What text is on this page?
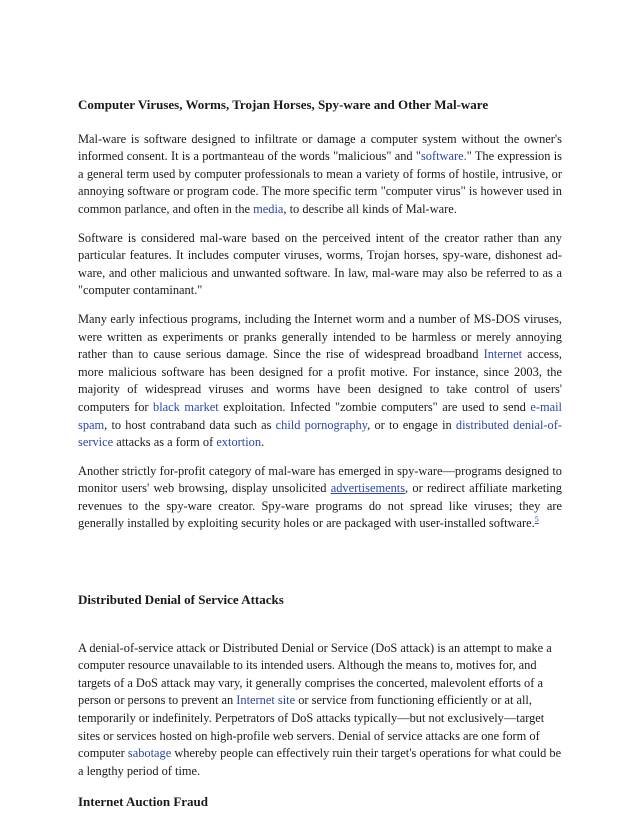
Computer Viruses, Worms, Trojan Horses, Spy-ware and Other Mal-ware

Mal-ware is software designed to infiltrate or damage a computer system without the owner's informed consent. It is a portmanteau of the words "malicious" and "software." The expression is a general term used by computer professionals to mean a variety of forms of hostile, intrusive, or annoying software or program code. The more specific term "computer virus" is however used in common parlance, and often in the media, to describe all kinds of Mal-ware.

Software is considered mal-ware based on the perceived intent of the creator rather than any particular features. It includes computer viruses, worms, Trojan horses, spy-ware, dishonest ad-ware, and other malicious and unwanted software. In law, mal-ware may also be referred to as a "computer contaminant."

Many early infectious programs, including the Internet worm and a number of MS-DOS viruses, were written as experiments or pranks generally intended to be harmless or merely annoying rather than to cause serious damage. Since the rise of widespread broadband Internet access, more malicious software has been designed for a profit motive. For instance, since 2003, the majority of widespread viruses and worms have been designed to take control of users' computers for black market exploitation. Infected "zombie computers" are used to send e-mail spam, to host contraband data such as child pornography, or to engage in distributed denial-of-service attacks as a form of extortion.

Another strictly for-profit category of mal-ware has emerged in spy-ware—programs designed to monitor users' web browsing, display unsolicited advertisements, or redirect affiliate marketing revenues to the spy-ware creator. Spy-ware programs do not spread like viruses; they are generally installed by exploiting security holes or are packaged with user-installed software.$^5$

Distributed Denial of Service Attacks

A denial-of-service attack or Distributed Denial or Service (DoS attack) is an attempt to make a computer resource unavailable to its intended users. Although the means to, motives for, and targets of a DoS attack may vary, it generally comprises the concerted, malevolent efforts of a person or persons to prevent an Internet site or service from functioning efficiently or at all, temporarily or indefinitely. Perpetrators of DoS attacks typically—but not exclusively—target sites or services hosted on high-profile web servers. Denial of service attacks are one form of computer sabotage whereby people can effectively ruin their target's operations for what could be a lengthy period of time.

Internet Auction Fraud
